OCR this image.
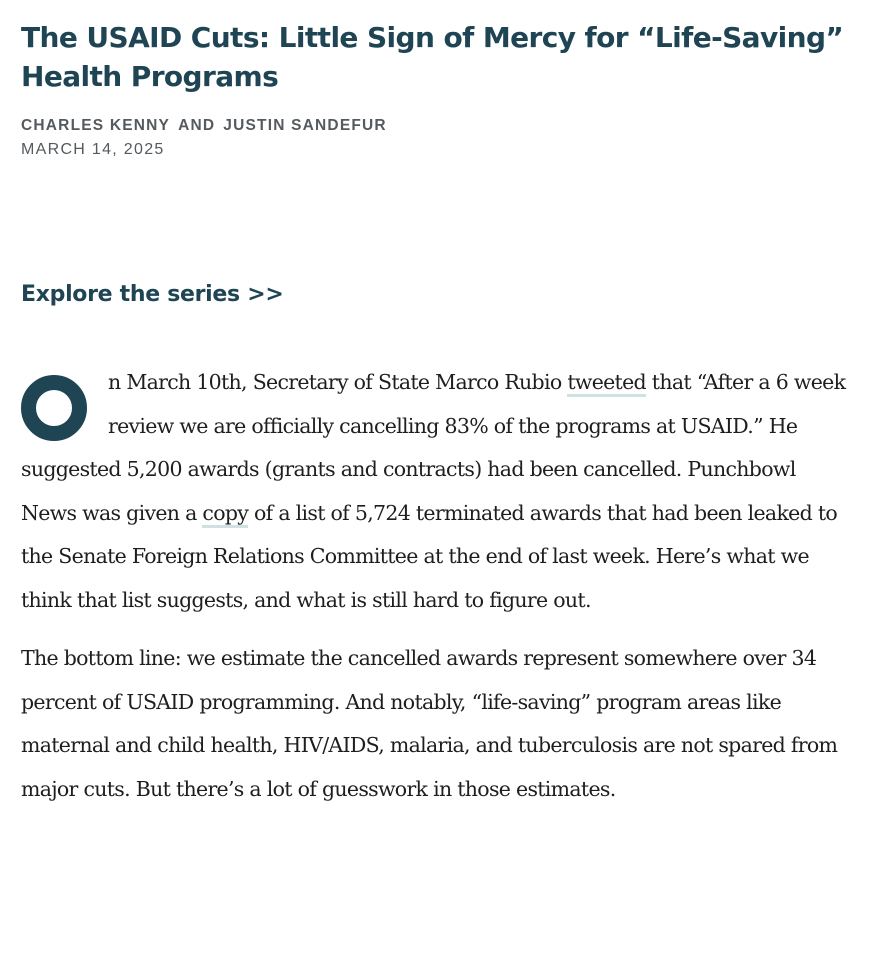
The USAID Cuts: Little Sign of Mercy for “Life-Saving” Health Programs
CHARLES KENNY AND JUSTIN SANDEFUR
MARCH 14, 2025
Explore the series >>

n March 10th, Secretary of State Marco Rubio tweeted that “After a 6 week review we are officially cancelling 83% of the programs at USAID.” He suggested 5,200 awards (grants and contracts) had been cancelled. Punchbowl News was given a copy of a list of 5,724 terminated awards that had been leaked to the Senate Foreign Relations Committee at the end of last week. Here’s what we think that list suggests, and what is still hard to figure out.

The bottom line: we estimate the cancelled awards represent somewhere over 34 percent of USAID programming. And notably, “life-saving” program areas like maternal and child health, HIV/AIDS, malaria, and tuberculosis are not spared from major cuts. But there’s a lot of guesswork in those estimates.
